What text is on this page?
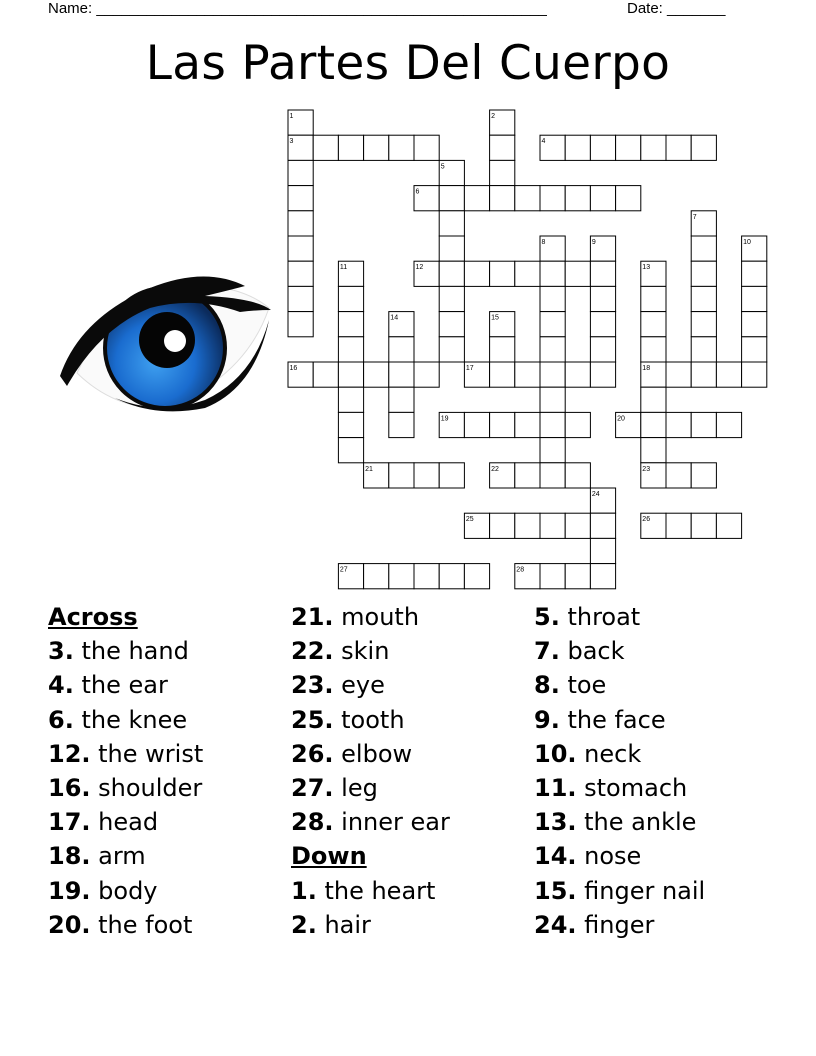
Name: ______________________________________________________	Date: _______
Las Partes Del Cuerpo
1	2
3	4
5
6
7
8	9	10
11	12	13
14	15
16	17	18
19	20
21	22	23
24
25	26
27	28
Across
3. the hand
4. the ear
6. the knee
12. the wrist
16. shoulder
17. head
18. arm
19. body
20. the foot
21. mouth
22. skin
23. eye
25. tooth
26. elbow
27. leg
28. inner ear
Down
1. the heart
2. hair
5. throat
7. back
8. toe
9. the face
10. neck
11. stomach
13. the ankle
14. nose
15. finger nail
24. finger
